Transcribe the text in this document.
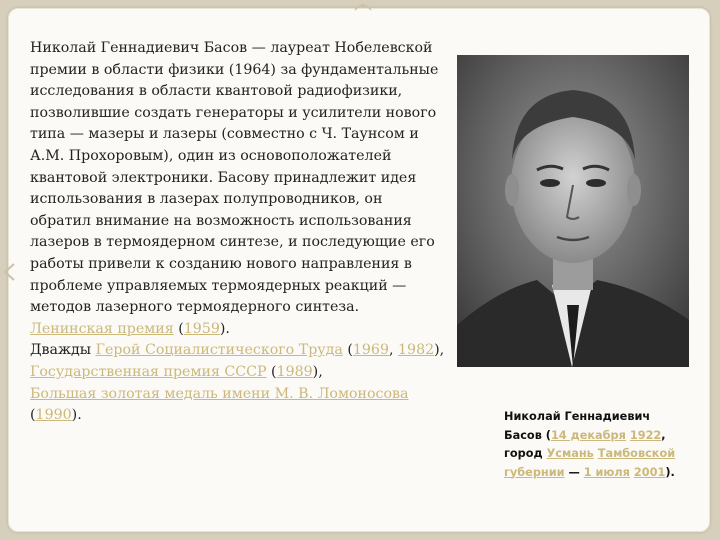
Николай Геннадиевич Басов — лауреат Нобелевской премии в области физики (1964) за фундаментальные исследования в области квантовой радиофизики, позволившие создать генераторы и усилители нового типа — мазеры и лазеры (совместно с Ч. Таунсом и А.М. Прохоровым), один из основоположателей квантовой электроники. Басову принадлежит идея использования в лазерах полупроводников, он обратил внимание на возможность использования лазеров в термоядерном синтезе, и последующие его работы привели к созданию нового направления в проблеме управляемых термоядерных реакций — методов лазерного термоядерного синтеза. Ленинская премия (1959).
Дважды Герой Социалистического Труда (1969, 1982),
Государственная премия СССР (1989),
Большая золотая медаль имени М. В. Ломоносова (1990).	Николай Геннадиевич Басов (14 декабря 1922, город Усмань Тамбовской губернии — 1 июля 2001).
